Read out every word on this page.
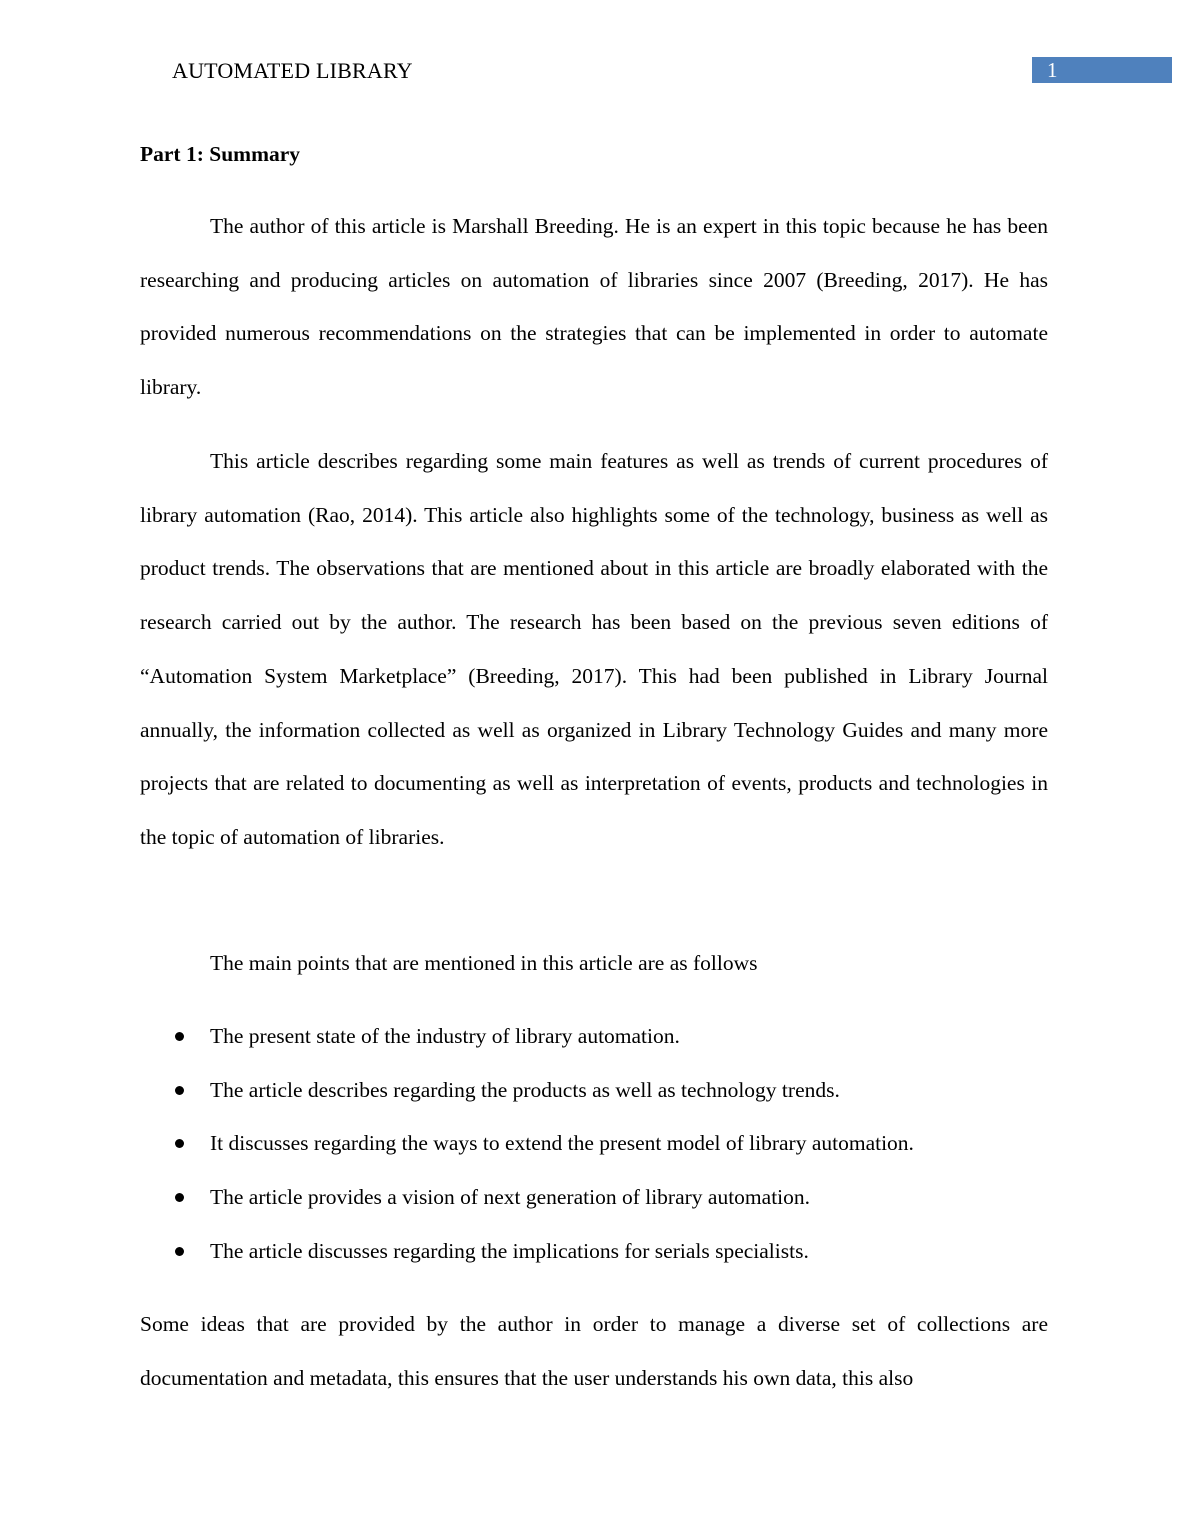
AUTOMATED LIBRARY	1
Part 1: Summary

The author of this article is Marshall Breeding. He is an expert in this topic because he has been researching and producing articles on automation of libraries since 2007 (Breeding, 2017). He has provided numerous recommendations on the strategies that can be implemented in order to automate library.

This article describes regarding some main features as well as trends of current procedures of library automation (Rao, 2014). This article also highlights some of the technology, business as well as product trends. The observations that are mentioned about in this article are broadly elaborated with the research carried out by the author. The research has been based on the previous seven editions of “Automation System Marketplace” (Breeding, 2017). This had been published in Library Journal annually, the information collected as well as organized in Library Technology Guides and many more projects that are related to documenting as well as interpretation of events, products and technologies in the topic of automation of libraries.

The main points that are mentioned in this article are as follows

The present state of the industry of library automation.
The article describes regarding the products as well as technology trends.
It discusses regarding the ways to extend the present model of library automation.
The article provides a vision of next generation of library automation.
The article discusses regarding the implications for serials specialists.

Some ideas that are provided by the author in order to manage a diverse set of collections are documentation and metadata, this ensures that the user understands his own data, this also
